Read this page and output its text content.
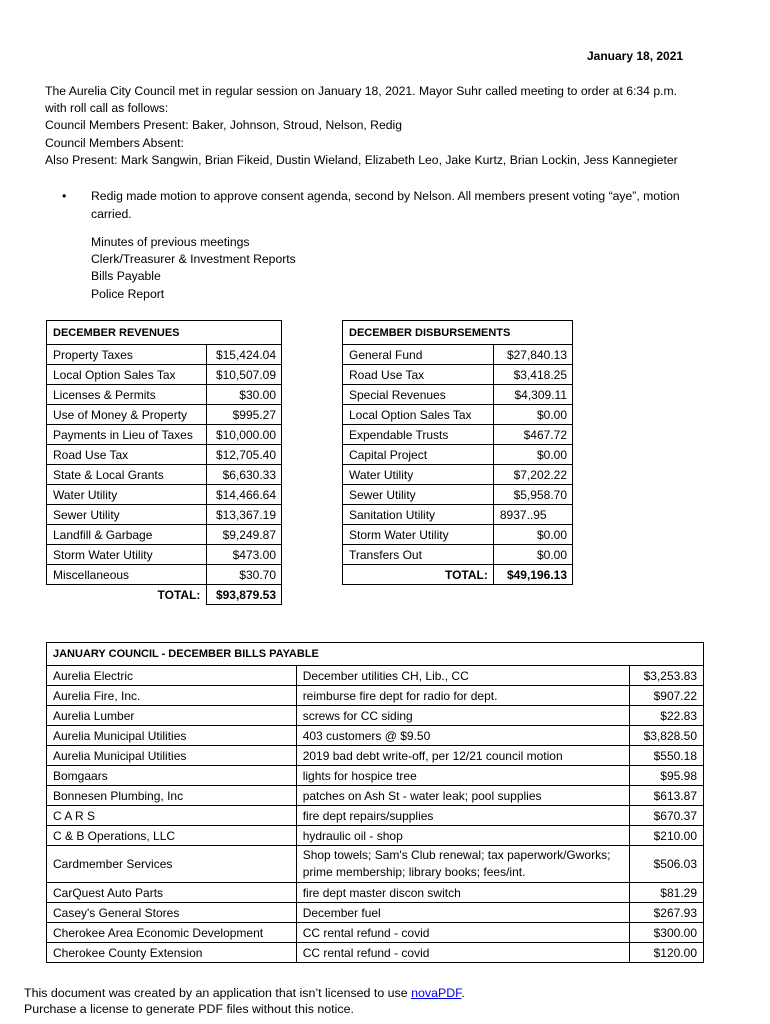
January 18, 2021
The Aurelia City Council met in regular session on January 18, 2021. Mayor Suhr called meeting to order at 6:34 p.m.
with roll call as follows:
Council Members Present: Baker, Johnson, Stroud, Nelson, Redig
Council Members Absent:
Also Present: Mark Sangwin, Brian Fikeid, Dustin Wieland, Elizabeth Leo, Jake Kurtz, Brian Lockin, Jess Kannegieter
• Redig made motion to approve consent agenda, second by Nelson. All members present voting “aye”, motion carried.
Minutes of previous meetings
Clerk/Treasurer & Investment Reports
Bills Payable
Police Report
DECEMBER REVENUES	
Property Taxes	$15,424.04
Local Option Sales Tax	$10,507.09
Licenses & Permits	$30.00
Use of Money & Property	$995.27
Payments in Lieu of Taxes	$10,000.00
Road Use Tax	$12,705.40
State & Local Grants	$6,630.33
Water Utility	$14,466.64
Sewer Utility	$13,367.19
Landfill & Garbage	$9,249.87
Storm Water Utility	$473.00
Miscellaneous	$30.70
TOTAL:	$93,879.53
DECEMBER DISBURSEMENTS	
General Fund	$27,840.13
Road Use Tax	$3,418.25
Special Revenues	$4,309.11
Local Option Sales Tax	$0.00
Expendable Trusts	$467.72
Capital Project	$0.00
Water Utility	$7,202.22
Sewer Utility	$5,958.70
Sanitation Utility	8937..95
Storm Water Utility	$0.00
Transfers Out	$0.00
TOTAL:	$49,196.13
JANUARY COUNCIL - DECEMBER BILLS PAYABLE		
Aurelia Electric	December utilities CH, Lib., CC	$3,253.83
Aurelia Fire, Inc.	reimburse fire dept for radio for dept.	$907.22
Aurelia Lumber	screws for CC siding	$22.83
Aurelia Municipal Utilities	403 customers @ $9.50	$3,828.50
Aurelia Municipal Utilities	2019 bad debt write-off, per 12/21 council motion	$550.18
Bomgaars	lights for hospice tree	$95.98
Bonnesen Plumbing, Inc	patches on Ash St - water leak; pool supplies	$613.87
C A R S	fire dept repairs/supplies	$670.37
C & B Operations, LLC	hydraulic oil - shop	$210.00
Cardmember Services	Shop towels; Sam's Club renewal; tax paperwork/Gworks; prime membership; library books; fees/int.	$506.03
CarQuest Auto Parts	fire dept master discon switch	$81.29
Casey's General Stores	December fuel	$267.93
Cherokee Area Economic Development	CC rental refund - covid	$300.00
Cherokee County Extension	CC rental refund - covid	$120.00
This document was created by an application that isn’t licensed to use novaPDF.
Purchase a license to generate PDF files without this notice.
